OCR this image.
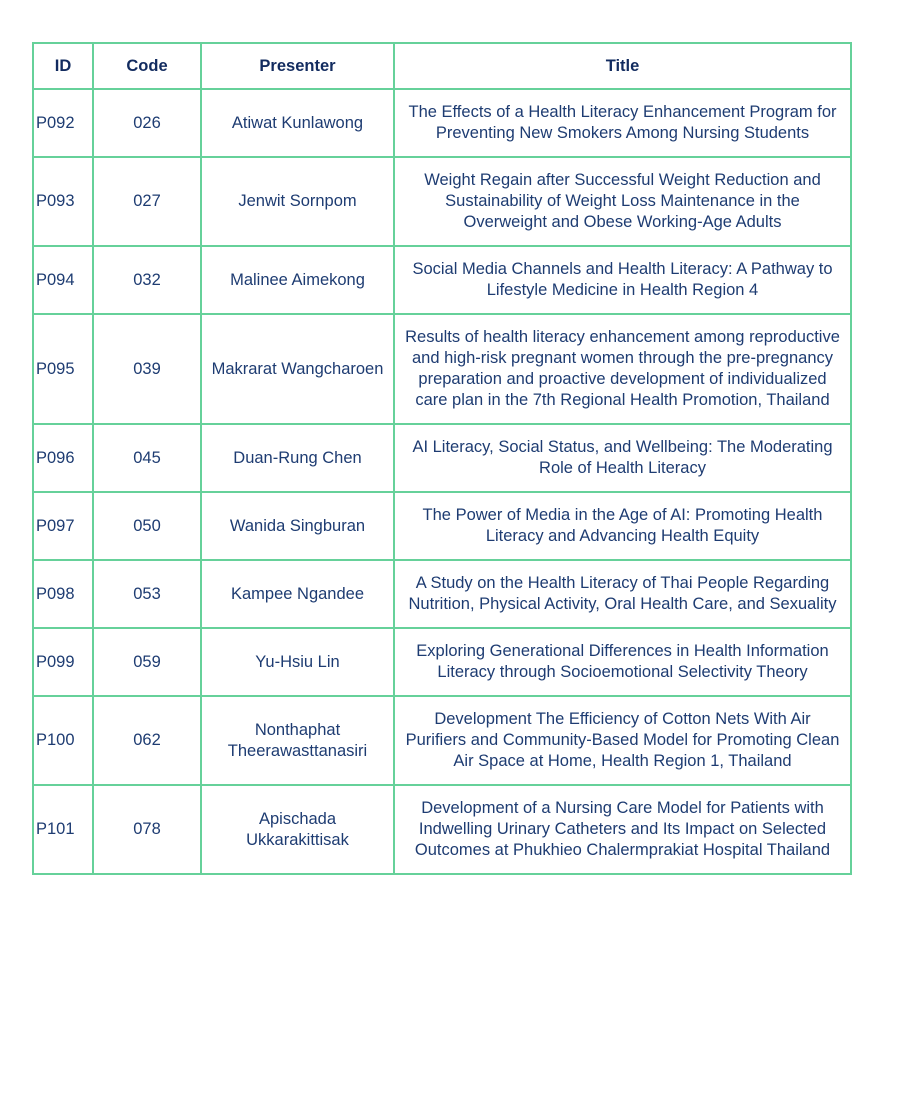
ID	Code	Presenter	Title
P092	026	Atiwat Kunlawong	The Effects of a Health Literacy Enhancement Program for Preventing New Smokers Among Nursing Students
P093	027	Jenwit Sornpom	Weight Regain after Successful Weight Reduction and Sustainability of Weight Loss Maintenance in the Overweight and Obese Working-Age Adults
P094	032	Malinee Aimekong	Social Media Channels and Health Literacy: A Pathway to Lifestyle Medicine in Health Region 4
P095	039	Makrarat Wangcharoen	Results of health literacy enhancement among reproductive and high-risk pregnant women through the pre-pregnancy preparation and proactive development of individualized care plan in the 7th Regional Health Promotion, Thailand
P096	045	Duan-Rung Chen	AI Literacy, Social Status, and Wellbeing: The Moderating Role of Health Literacy
P097	050	Wanida Singburan	The Power of Media in the Age of AI: Promoting Health Literacy and Advancing Health Equity
P098	053	Kampee Ngandee	A Study on the Health Literacy of Thai People Regarding Nutrition, Physical Activity, Oral Health Care, and Sexuality
P099	059	Yu-Hsiu Lin	Exploring Generational Differences in Health Information Literacy through Socioemotional Selectivity Theory
P100	062	Nonthaphat Theerawasttanasiri	Development The Efficiency of Cotton Nets With Air Purifiers and Community-Based Model for Promoting Clean Air Space at Home, Health Region 1, Thailand
P101	078	Apischada Ukkarakittisak	Development of a Nursing Care Model for Patients with Indwelling Urinary Catheters and Its Impact on Selected Outcomes at Phukhieo Chalermprakiat Hospital Thailand
